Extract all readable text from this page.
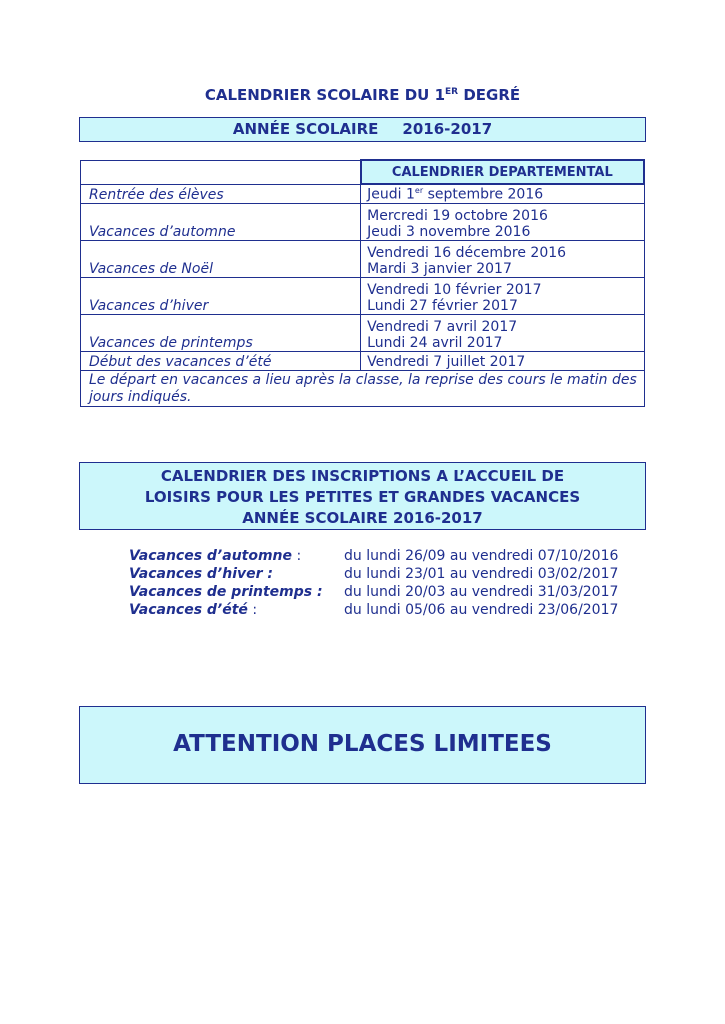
CALENDRIER SCOLAIRE DU 1ER DEGRÉ
ANNÉE SCOLAIRE 2016-2017
	CALENDRIER DEPARTEMENTAL
Rentrée des élèves	Jeudi 1er septembre 2016
Vacances d’automne	Mercredi 19 octobre 2016
Jeudi 3 novembre 2016

Vacances de Noël	Vendredi 16 décembre 2016
Mardi 3 janvier 2017

Vacances d’hiver	Vendredi 10 février 2017
Lundi 27 février 2017

Vacances de printemps	Vendredi 7 avril 2017
Lundi 24 avril 2017

Début des vacances d’été	Vendredi 7 juillet 2017
Le départ en vacances a lieu après la classe, la reprise des cours le matin des jours indiqués.	
CALENDRIER DES INSCRIPTIONS A L’ACCUEIL DE
LOISIRS POUR LES PETITES ET GRANDES VACANCES
ANNÉE SCOLAIRE 2016-2017
Vacances d’automne :	du lundi 26/09 au vendredi 07/10/2016
Vacances d’hiver :	du lundi 23/01 au vendredi 03/02/2017
Vacances de printemps :	du lundi 20/03 au vendredi 31/03/2017
Vacances d’été :	du lundi 05/06 au vendredi 23/06/2017
ATTENTION PLACES LIMITEES
